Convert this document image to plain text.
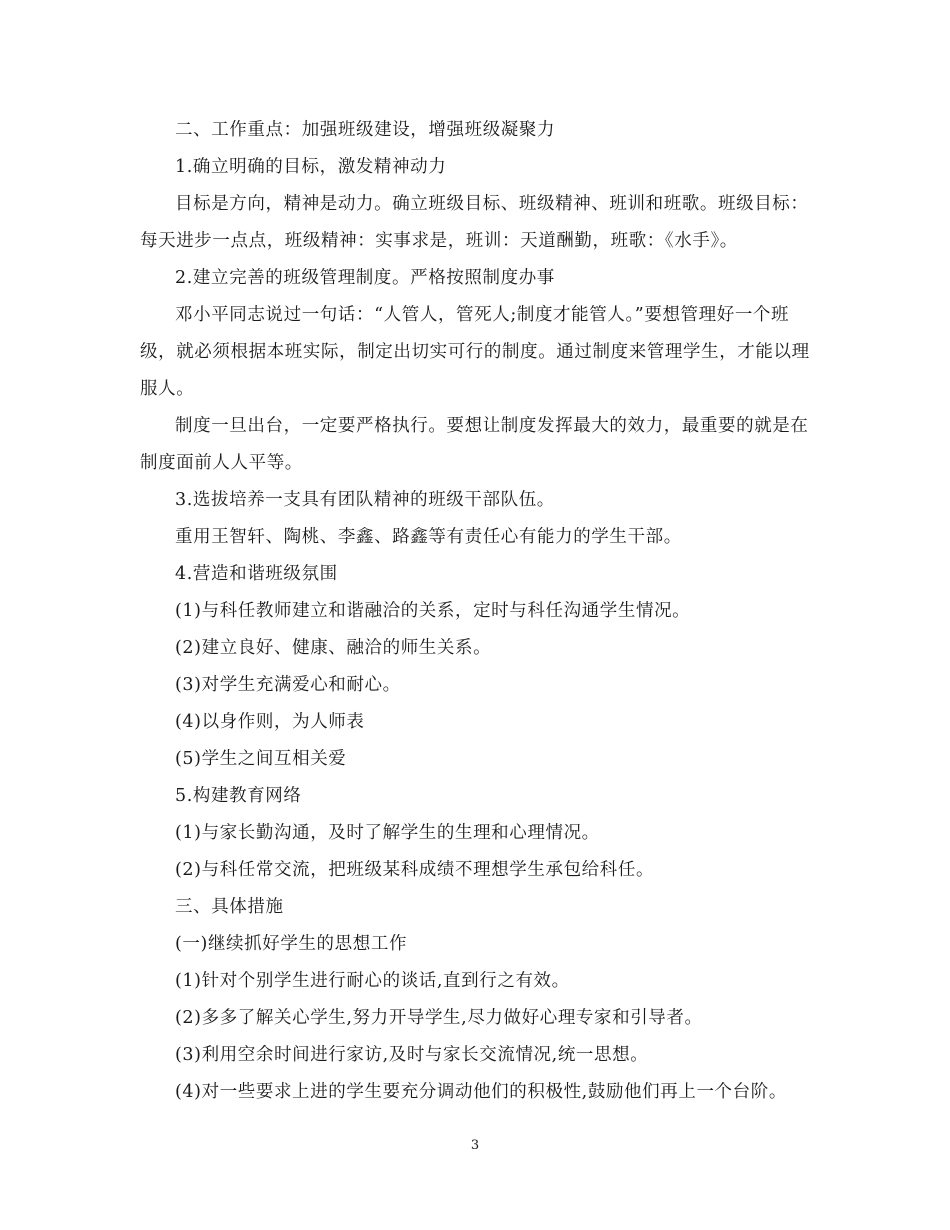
二、工作重点：加强班级建设，增强班级凝聚力

1.确立明确的目标，激发精神动力

目标是方向，精神是动力。确立班级目标、班级精神、班训和班歌。班级目标：每天进步一点点，班级精神：实事求是，班训：天道酬勤，班歌：《水手》。

2.建立完善的班级管理制度。严格按照制度办事

邓小平同志说过一句话：“人管人，管死人;制度才能管人。”要想管理好一个班级，就必须根据本班实际，制定出切实可行的制度。通过制度来管理学生，才能以理服人。

制度一旦出台，一定要严格执行。要想让制度发挥最大的效力，最重要的就是在制度面前人人平等。

3.选拔培养一支具有团队精神的班级干部队伍。

重用王智轩、陶桃、李鑫、路鑫等有责任心有能力的学生干部。

4.营造和谐班级氛围

(1)与科任教师建立和谐融洽的关系，定时与科任沟通学生情况。

(2)建立良好、健康、融洽的师生关系。

(3)对学生充满爱心和耐心。

(4)以身作则，为人师表

(5)学生之间互相关爱

5.构建教育网络

(1)与家长勤沟通，及时了解学生的生理和心理情况。

(2)与科任常交流，把班级某科成绩不理想学生承包给科任。

三、具体措施

(一)继续抓好学生的思想工作

(1)针对个别学生进行耐心的谈话,直到行之有效。

(2)多多了解关心学生,努力开导学生,尽力做好心理专家和引导者。

(3)利用空余时间进行家访,及时与家长交流情况,统一思想。

(4)对一些要求上进的学生要充分调动他们的积极性,鼓励他们再上一个台阶。

3
